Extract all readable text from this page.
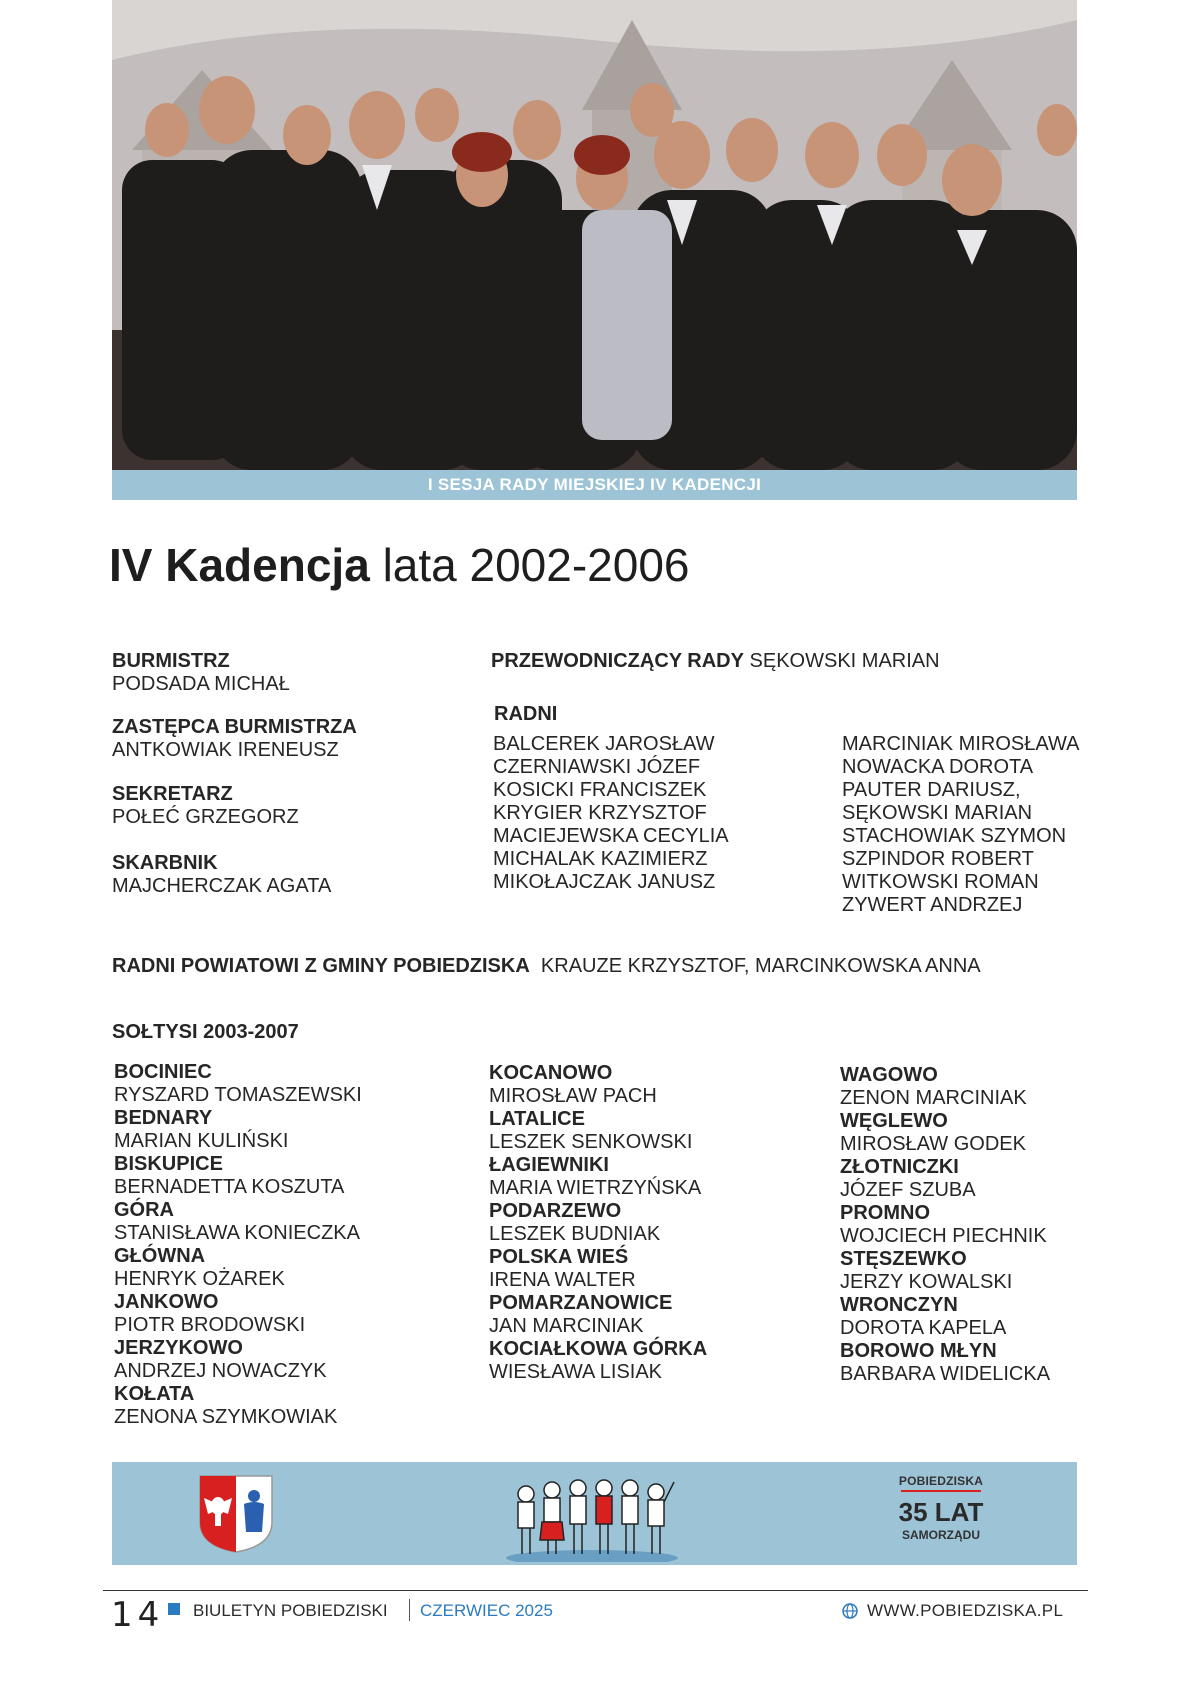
I SESJA RADY MIEJSKIEJ IV KADENCJI
IV Kadencja lata 2002-2006
BURMISTRZ
PODSADA MICHAŁ
ZASTĘPCA BURMISTRZA
ANTKOWIAK IRENEUSZ
SEKRETARZ
POŁEĆ GRZEGORZ
SKARBNIK
MAJCHERCZAK AGATA
PRZEWODNICZĄCY RADY SĘKOWSKI MARIAN
RADNI
BALCEREK JAROSŁAW
CZERNIAWSKI JÓZEF
KOSICKI FRANCISZEK
KRYGIER KRZYSZTOF
MACIEJEWSKA CECYLIA
MICHALAK KAZIMIERZ
MIKOŁAJCZAK JANUSZ
MARCINIAK MIROSŁAWA
NOWACKA DOROTA
PAUTER DARIUSZ,
SĘKOWSKI MARIAN
STACHOWIAK SZYMON
SZPINDOR ROBERT
WITKOWSKI ROMAN
ZYWERT ANDRZEJ
RADNI POWIATOWI Z GMINY POBIEDZISKA KRAUZE KRZYSZTOF, MARCINKOWSKA ANNA
SOŁTYSI 2003-2007
BOCINIEC
RYSZARD TOMASZEWSKI
BEDNARY
MARIAN KULIŃSKI
BISKUPICE
BERNADETTA KOSZUTA
GÓRA
STANISŁAWA KONIECZKA
GŁÓWNA
HENRYK OŻAREK
JANKOWO
PIOTR BRODOWSKI
JERZYKOWO
ANDRZEJ NOWACZYK
KOŁATA
ZENONA SZYMKOWIAK
KOCANOWO
MIROSŁAW PACH
LATALICE
LESZEK SENKOWSKI
ŁAGIEWNIKI
MARIA WIETRZYŃSKA
PODARZEWO
LESZEK BUDNIAK
POLSKA WIEŚ
IRENA WALTER
POMARZANOWICE
JAN MARCINIAK
KOCIAŁKOWA GÓRKA
WIESŁAWA LISIAK
WAGOWO
ZENON MARCINIAK
WĘGLEWO
MIROSŁAW GODEK
ZŁOTNICZKI
JÓZEF SZUBA
PROMNO
WOJCIECH PIECHNIK
STĘSZEWKO
JERZY KOWALSKI
WRONCZYN
DOROTA KAPELA
BOROWO MŁYN
BARBARA WIDELICKA
POBIEDZISKA
35 LAT
SAMORZĄDU
14 BIULETYN POBIEDZISKI CZERWIEC 2025	WWW.POBIEDZISKA.PL
